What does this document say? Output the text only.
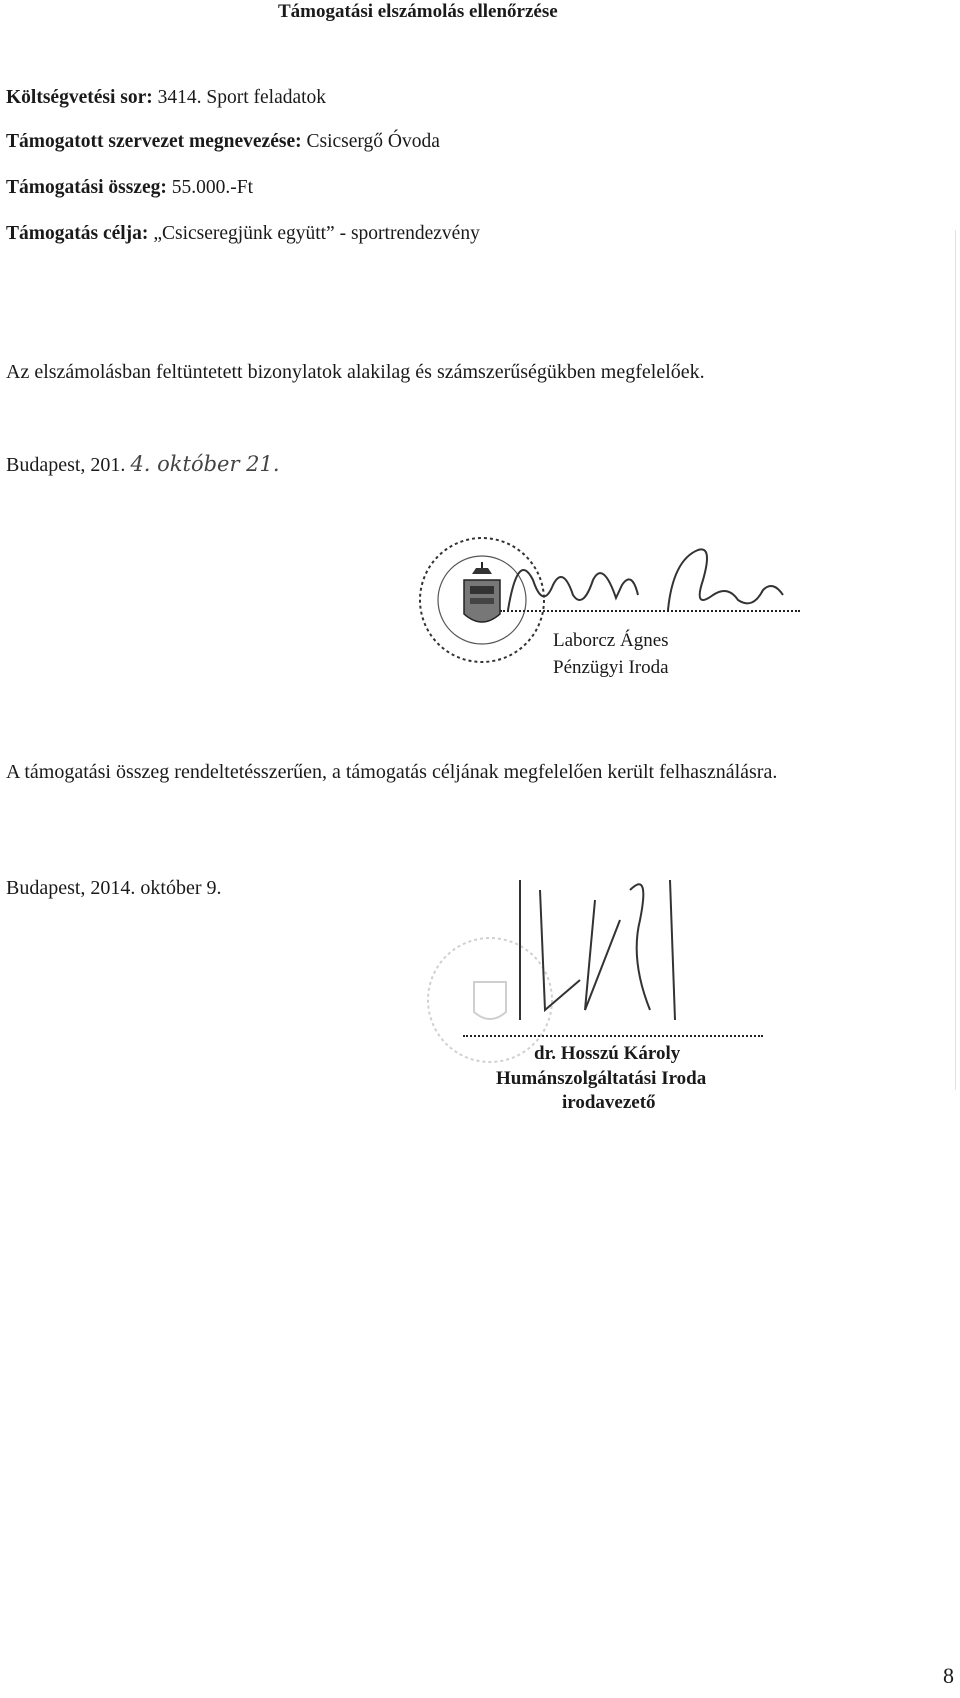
Támogatási elszámolás ellenőrzése
Költségvetési sor: 3414. Sport feladatok
Támogatott szervezet megnevezése: Csicsergő Óvoda
Támogatási összeg: 55.000.-Ft
Támogatás célja: „Csicseregjünk együtt” - sportrendezvény
Az elszámolásban feltüntetett bizonylatok alakilag és számszerűségükben megfelelőek.
Budapest, 201. 4. október 21.
Laborcz Ágnes
Pénzügyi Iroda
A támogatási összeg rendeltetésszerűen, a támogatás céljának megfelelően került felhasználásra.
Budapest, 2014. október 9.
dr. Hosszú Károly
Humánszolgáltatási Iroda
irodavezető
8
